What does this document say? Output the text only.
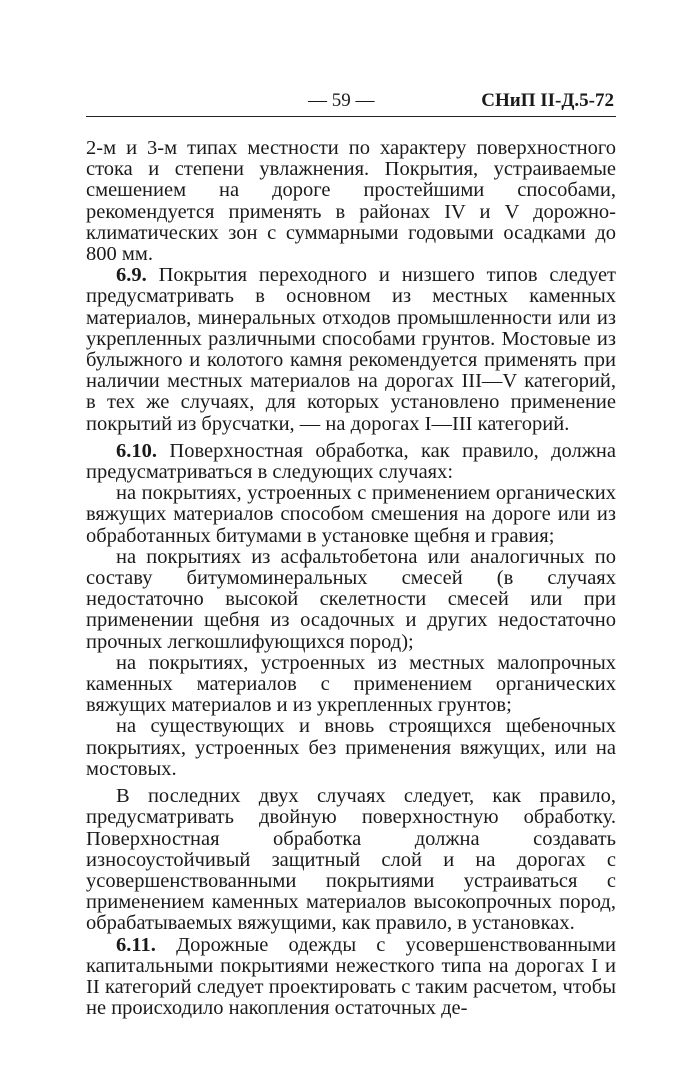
— 59 —	СНиП II-Д.5-72

2-м и 3-м типах местности по характеру поверхностного стока и степени увлажнения. Покрытия, устраиваемые смешением на дороге простейшими способами, рекомендуется применять в районах IV и V дорожно-климатических зон с суммарными годовыми осадками до 800 мм.

6.9. Покрытия переходного и низшего типов следует предусматривать в основном из местных каменных материалов, минеральных отходов промышленности или из укрепленных различными способами грунтов. Мостовые из булыжного и колотого камня рекомендуется применять при наличии местных материалов на дорогах III—V категорий, в тех же случаях, для которых установлено применение покрытий из брусчатки, — на дорогах I—III категорий.

6.10. Поверхностная обработка, как правило, должна предусматриваться в следующих случаях:

на покрытиях, устроенных с применением органических вяжущих материалов способом смешения на дороге или из обработанных битумами в установке щебня и гравия;

на покрытиях из асфальтобетона или аналогичных по составу битумоминеральных смесей (в случаях недостаточно высокой скелетности смесей или при применении щебня из осадочных и других недостаточно прочных легкошлифующихся пород);

на покрытиях, устроенных из местных малопрочных каменных материалов с применением органических вяжущих материалов и из укрепленных грунтов;

на существующих и вновь строящихся щебеночных покрытиях, устроенных без применения вяжущих, или на мостовых.

В последних двух случаях следует, как правило, предусматривать двойную поверхностную обработку. Поверхностная обработка должна создавать износоустойчивый защитный слой и на дорогах с усовершенствованными покрытиями устраиваться с применением каменных материалов высокопрочных пород, обрабатываемых вяжущими, как правило, в установках.

6.11. Дорожные одежды с усовершенствованными капитальными покрытиями нежесткого типа на дорогах I и II категорий следует проектировать с таким расчетом, чтобы не происходило накопления остаточных де-
